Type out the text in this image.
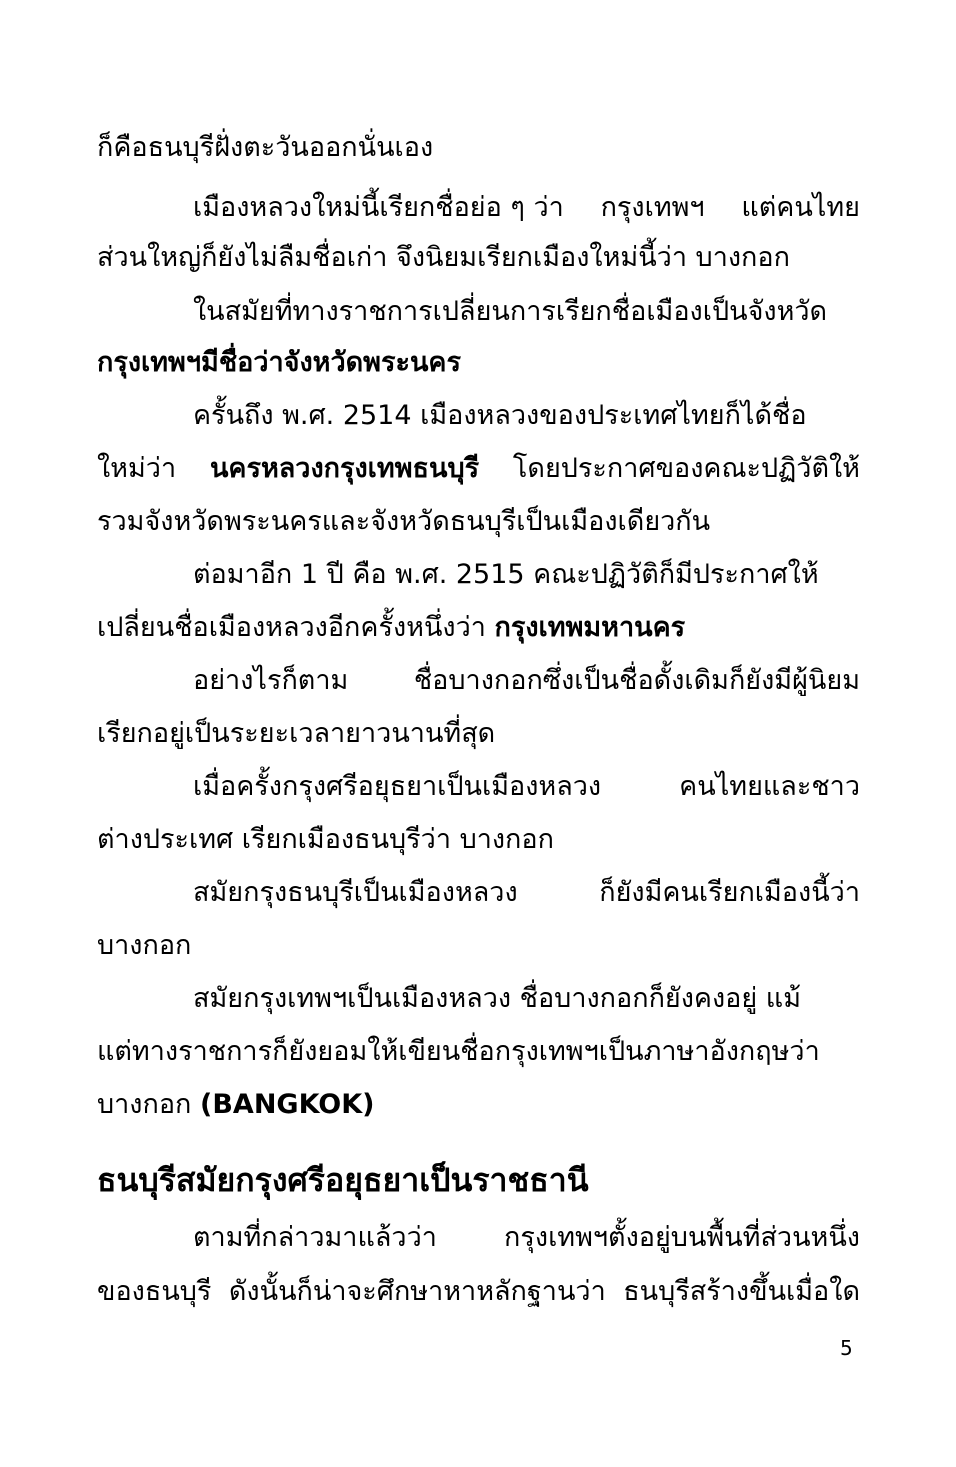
ก็คือธนบุรีฝั่งตะวันออกนั่นเอง
เมืองหลวงใหม่นี้เรียกชื่อย่อ ๆ ว่า กรุงเทพฯ แต่คนไทย
ส่วนใหญ่ก็ยังไม่ลืมชื่อเก่า จึงนิยมเรียกเมืองใหม่นี้ว่า บางกอก
ในสมัยที่ทางราชการเปลี่ยนการเรียกชื่อเมืองเป็นจังหวัด
กรุงเทพฯมีชื่อว่าจังหวัดพระนคร
ครั้นถึง พ.ศ. 2514 เมืองหลวงของประเทศไทยก็ได้ชื่อ
ใหม่ว่า นครหลวงกรุงเทพธนบุรี โดยประกาศของคณะปฏิวัติให้
รวมจังหวัดพระนครและจังหวัดธนบุรีเป็นเมืองเดียวกัน
ต่อมาอีก 1 ปี คือ พ.ศ. 2515 คณะปฏิวัติก็มีประกาศให้
เปลี่ยนชื่อเมืองหลวงอีกครั้งหนึ่งว่า กรุงเทพมหานคร
อย่างไรก็ตาม ชื่อบางกอกซึ่งเป็นชื่อดั้งเดิมก็ยังมีผู้นิยม
เรียกอยู่เป็นระยะเวลายาวนานที่สุด
เมื่อครั้งกรุงศรีอยุธยาเป็นเมืองหลวง	คนไทยและชาว
ต่างประเทศ เรียกเมืองธนบุรีว่า บางกอก
สมัยกรุงธนบุรีเป็นเมืองหลวง	ก็ยังมีคนเรียกเมืองนี้ว่า
บางกอก
สมัยกรุงเทพฯเป็นเมืองหลวง ชื่อบางกอกก็ยังคงอยู่ แม้
แต่ทางราชการก็ยังยอมให้เขียนชื่อกรุงเทพฯเป็นภาษาอังกฤษว่า
บางกอก (BANGKOK)
ธนบุรีสมัยกรุงศรีอยุธยาเป็นราชธานี
ตามที่กล่าวมาแล้วว่า กรุงเทพฯตั้งอยู่บนพื้นที่ส่วนหนึ่ง
ของธนบุรี ดังนั้นก็น่าจะศึกษาหาหลักฐานว่า ธนบุรีสร้างขึ้นเมื่อใด
5
